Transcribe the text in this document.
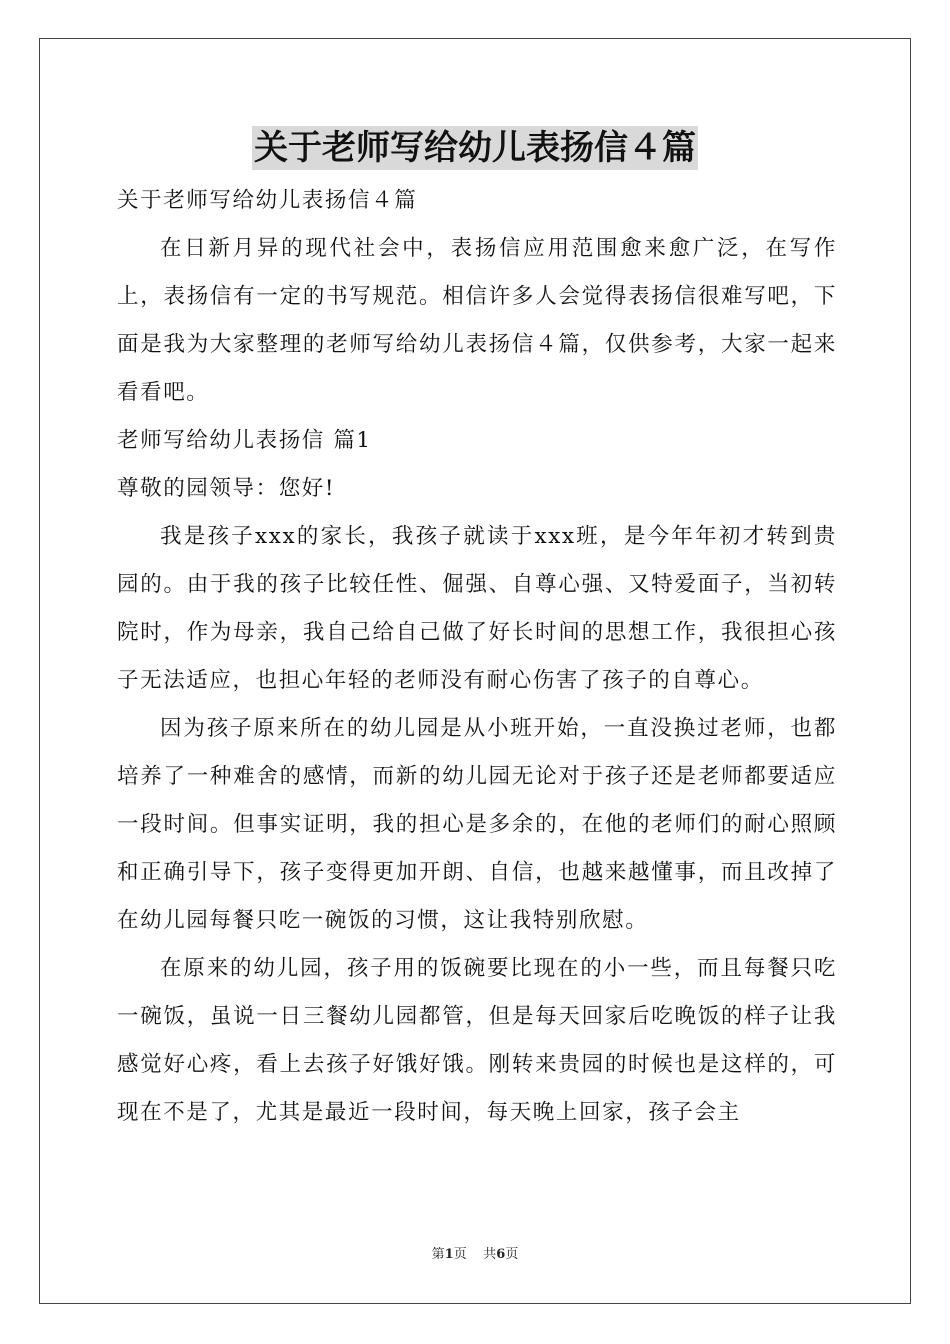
关于老师写给幼儿表扬信４篇

关于老师写给幼儿表扬信４篇

在日新月异的现代社会中，表扬信应用范围愈来愈广泛，在写作上，表扬信有一定的书写规范。相信许多人会觉得表扬信很难写吧，下面是我为大家整理的老师写给幼儿表扬信４篇，仅供参考，大家一起来看看吧。

老师写给幼儿表扬信 篇1

尊敬的园领导：您好!

我是孩子xxx的家长，我孩子就读于xxx班，是今年年初才转到贵园的。由于我的孩子比较任性、倔强、自尊心强、又特爱面子，当初转院时，作为母亲，我自己给自己做了好长时间的思想工作，我很担心孩子无法适应，也担心年轻的老师没有耐心伤害了孩子的自尊心。

因为孩子原来所在的幼儿园是从小班开始，一直没换过老师，也都培养了一种难舍的感情，而新的幼儿园无论对于孩子还是老师都要适应一段时间。但事实证明，我的担心是多余的，在他的老师们的耐心照顾和正确引导下，孩子变得更加开朗、自信，也越来越懂事，而且改掉了在幼儿园每餐只吃一碗饭的习惯，这让我特别欣慰。

在原来的幼儿园，孩子用的饭碗要比现在的小一些，而且每餐只吃一碗饭，虽说一日三餐幼儿园都管，但是每天回家后吃晚饭的样子让我感觉好心疼，看上去孩子好饿好饿。刚转来贵园的时候也是这样的，可现在不是了，尤其是最近一段时间，每天晚上回家，孩子会主

第1页 共6页
